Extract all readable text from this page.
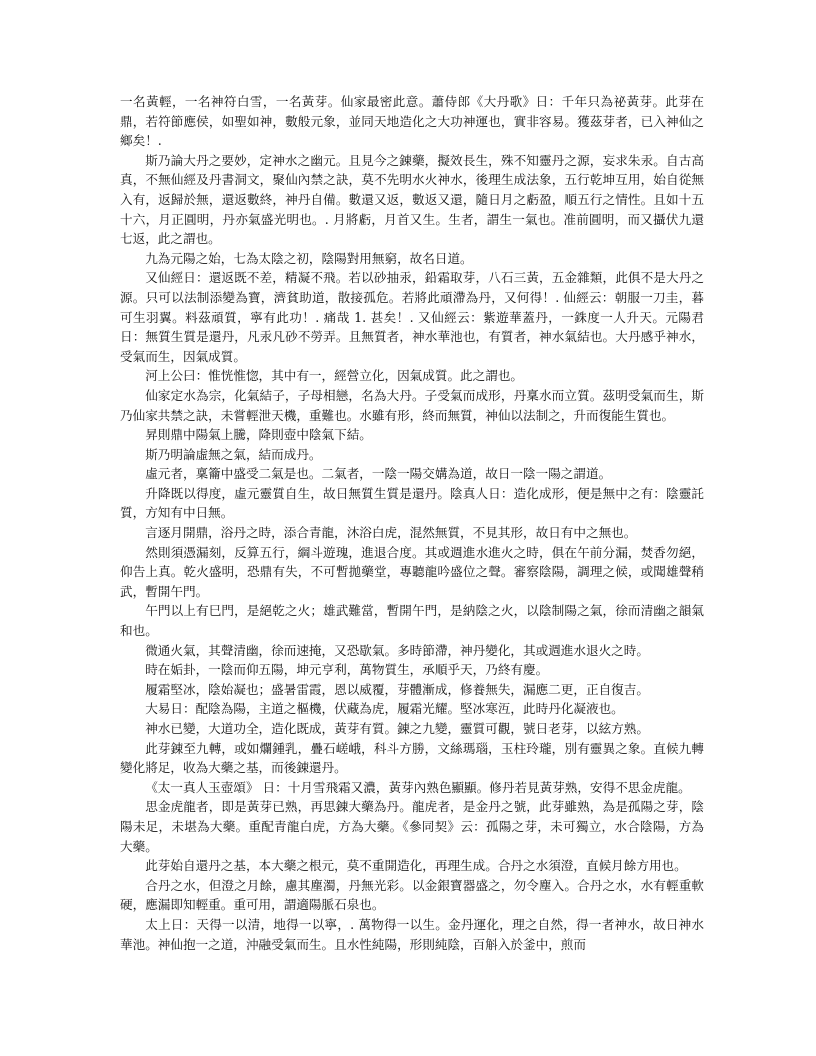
一名黃輕，一名神符白雪，一名黃芽。仙家最密此意。蕭侍郎《大丹歌》日：千年只為祕黃芽。此芽在鼎，若符節應侯，如聖如神，數般元象，並同天地造化之大功神運也，實非容易。獲茲芽者，已入神仙之鄉矣！.

斯乃論大丹之要妙，定神水之幽元。且見今之錬藥，擬效長生，殊不知靈丹之源，妄求朱汞。自古高真，不無仙經及丹書洞文，聚仙內禁之訣，莫不先明水火神水，後理生成法象，五行乾坤互用，始自從無入有，返歸於無，還返數終，神丹自備。數還又返，數返又還，隨日月之虧盈，順五行之情性。且如十五十六，月正圓明，丹亦氣盛光明也。. 月將虧，月首又生。生者，謂生一氣也。准前圓明，而又攝伏九還七返，此之謂也。

九為元陽之始，七為太陰之初，陰陽對用無窮，故名日道。

又仙經日：還返既不差，精凝不飛。若以砂抽汞，鉛霜取芽，八石三黃，五金雜類，此俱不是大丹之源。只可以法制添變為寶，濟貧助道，散接孤危。若將此頑滯為丹，又何得！. 仙經云：朝服一刀圭，暮可生羽翼。料茲頑質，寧有此功！. 痛哉 1. 甚矣！. 又仙經云：紫遊華蓋丹，一銖度一人升天。元陽君日：無質生質是還丹，凡汞凡砂不勞弄。且無質者，神水華池也，有質者，神水氣結也。大丹感乎神水，受氣而生，因氣成質。

河上公曰：惟恍惟惚，其中有一，經營立化，因氣成質。此之謂也。

仙家定水為宗，化氣結子，子母相戀，名為大丹。子受氣而成形，丹稟水而立質。茲明受氣而生，斯乃仙家共禁之訣，未嘗輕泄天機，重難也。水雖有形，終而無質，神仙以法制之，升而復能生質也。

昇則鼎中陽氣上騰，降則壺中陰氣下結。

斯乃明論虛無之氣，結而成丹。

虛元者，稟籥中盛受二氣是也。二氣者，一陰一陽交媾為道，故日一陰一陽之謂道。

升降既以得度，虛元靈質自生，故日無質生質是還丹。陰真人日：造化成形，便是無中之有：陰靈託質，方知有中日無。

言逐月開鼎，浴丹之時，添合青龍，沐浴白虎，混然無質，不見其形，故日有中之無也。

然則須憑漏刻，反算五行，綱斗遊瑰，進退合度。其或週進水進火之時，俱在午前分漏，焚香勿絕，仰告上真。乾火盛明，恐鼎有失，不可暫拋藥堂，專聽龍吟盛位之聲。審察陰陽，調理之候，或聞雄聲稍武，暫開午門。

午門以上有巳門，是絕乾之火；雄武難當，暫開午門，是納陰之火，以陰制陽之氣，徐而清幽之韻氣和也。

微通火氣，其聲清幽，徐而速掩，又恐歇氣。多時節滯，神丹變化，其或週進水退火之時。

時在姤卦，一陰而仰五陽，坤元亨利，萬物質生，承順乎天，乃終有慶。

履霜堅冰，陰始凝也；盛暑雷霞，恩以威覆，芽體漸成，修養無失，漏應二更，正自復吉。

大易日：配陰為陽，主道之樞機，伏藏為虎，履霜光耀。堅冰寒沍，此時丹化凝液也。

神水已變，大道功全，造化既成，黃芽有質。錬之九變，靈質可觀，號日老芽，以絃方熟。

此芽錬至九轉，或如爛鍾乳，疊石嵯峨，科斗方勝，文絲瑪瑙，玉柱玲瓏，別有靈異之象。直候九轉變化將足，收為大藥之基，而後錬還丹。

《太一真人玉壺頌》 日：十月雪飛霜又濃，黃芽內熟色顯顯。修丹若見黃芽熟，安得不思金虎龍。

思金虎龍者，即是黃芽已熟，再思錬大藥為丹。龍虎者，是金丹之號，此芽雖熟，為是孤陽之芽，陰陽未足，未堪為大藥。重配青龍白虎，方為大藥。《參同契》云：孤陽之芽，未可獨立，水合陰陽，方為大藥。

此芽始自還丹之基，本大藥之根元，莫不重開造化，再理生成。合丹之水須澄，直候月餘方用也。

合丹之水，但澄之月餘，慮其塵濁，丹無光彩。以金銀寶器盛之，勿令塵入。合丹之水，水有輕重軟硬，應漏即知輕重。重可用，謂適陽脈石泉也。

太上日：天得一以清，地得一以寧，. 萬物得一以生。金丹運化，理之自然，得一者神水，故日神水華池。神仙抱一之道，沖融受氣而生。且水性純陽，形則純陰，百斛入於釜中，煎而
